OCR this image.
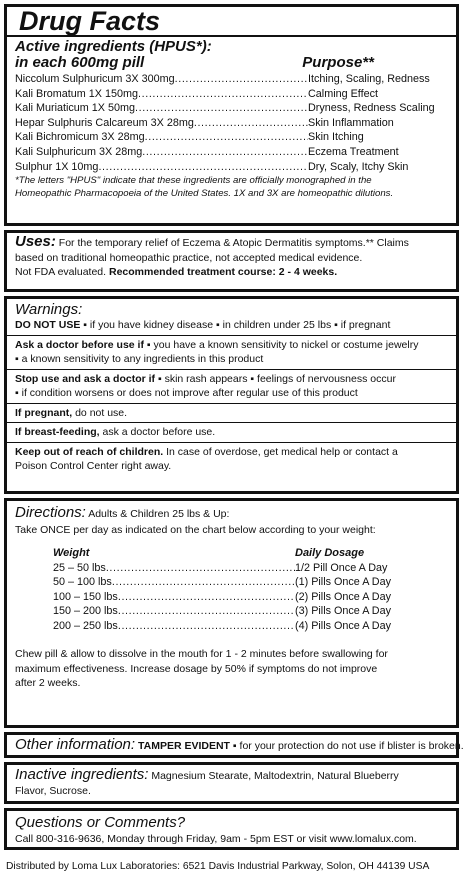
Drug Facts
Active ingredients (HPUS*):
in each 600mg pill	Purpose**
Niccolum Sulphuricum 3X 300mg .....	Itching, Scaling, Redness
Kali Bromatum 1X 150mg .....	Calming Effect
Kali Muriaticum 1X 50mg .....	Dryness, Redness Scaling
Hepar Sulphuris Calcareum 3X 28mg .....	Skin Inflammation
Kali Bichromicum 3X 28mg .....	Skin Itching
Kali Sulphuricum 3X 28mg .....	Eczema Treatment
Sulphur 1X 10mg .....	Dry, Scaly, Itchy Skin
*The letters "HPUS" indicate that these ingredients are officially monographed in the
Homeopathic Pharmacopoeia of the United States. 1X and 3X are homeopathic dilutions.
Uses: For the temporary relief of Eczema & Atopic Dermatitis symptoms.** Claims
based on traditional homeopathic practice, not accepted medical evidence.
Not FDA evaluated. Recommended treatment course: 2 - 4 weeks.
Warnings:
DO NOT USE ▪ if you have kidney disease ▪ in children under 25 lbs ▪ if pregnant
Ask a doctor before use if ▪ you have a known sensitivity to nickel or costume jewelry
▪ a known sensitivity to any ingredients in this product
Stop use and ask a doctor if ▪ skin rash appears ▪ feelings of nervousness occur
▪ if condition worsens or does not improve after regular use of this product
If pregnant, do not use.
If breast-feeding, ask a doctor before use.
Keep out of reach of children. In case of overdose, get medical help or contact a
Poison Control Center right away.
Directions: Adults & Children 25 lbs & Up:
Take ONCE per day as indicated on the chart below according to your weight:
Weight	Daily Dosage
25 – 50 lbs .....	1/2 Pill Once A Day
50 – 100 lbs .....	(1) Pills Once A Day
100 – 150 lbs .....	(2) Pills Once A Day
150 – 200 lbs .....	(3) Pills Once A Day
200 – 250 lbs .....	(4) Pills Once A Day
Chew pill & allow to dissolve in the mouth for 1 - 2 minutes before swallowing for
maximum effectiveness. Increase dosage by 50% if symptoms do not improve
after 2 weeks.
Other information: TAMPER EVIDENT ▪ for your protection do not use if blister is broken.
Inactive ingredients: Magnesium Stearate, Maltodextrin, Natural Blueberry
Flavor, Sucrose.
Questions or Comments?
Call 800-316-9636, Monday through Friday, 9am - 5pm EST or visit www.lomalux.com.
Distributed by Loma Lux Laboratories: 6521 Davis Industrial Parkway, Solon, OH 44139 USA
